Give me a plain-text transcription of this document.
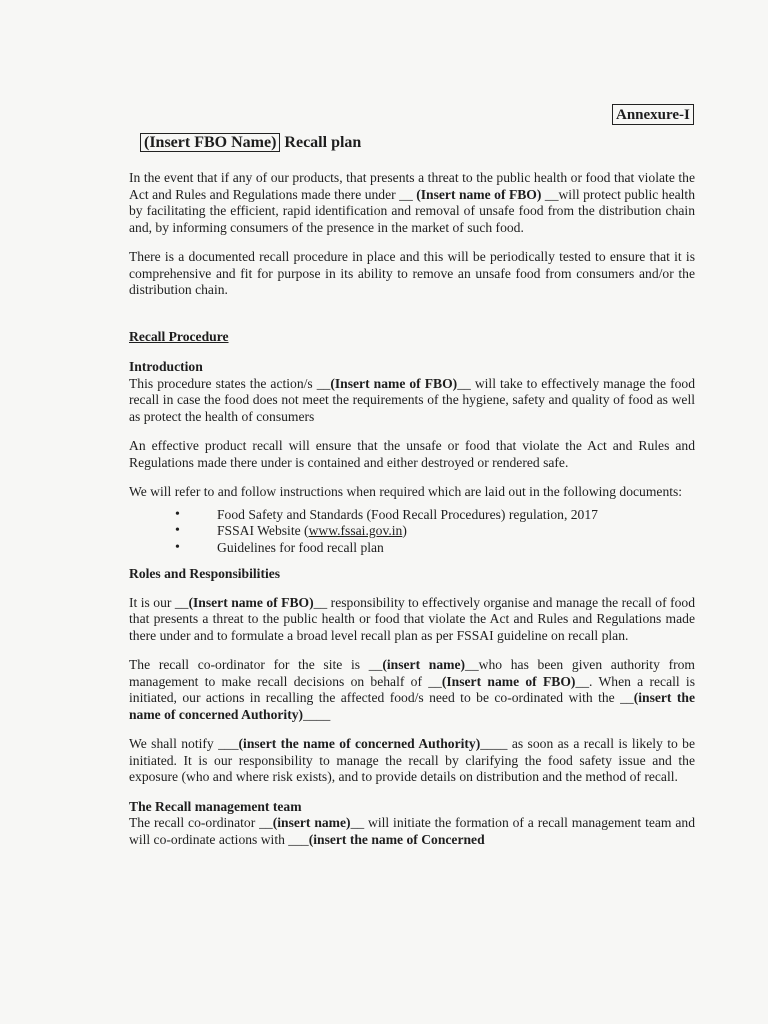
Annexure-I
(Insert FBO Name) Recall plan

In the event that if any of our products, that presents a threat to the public health or food that violate the Act and Rules and Regulations made there under __ (Insert name of FBO) __will protect public health by facilitating the efficient, rapid identification and removal of unsafe food from the distribution chain and, by informing consumers of the presence in the market of such food.

There is a documented recall procedure in place and this will be periodically tested to ensure that it is comprehensive and fit for purpose in its ability to remove an unsafe food from consumers and/or the distribution chain.

Recall Procedure
Introduction

This procedure states the action/s __(Insert name of FBO)__ will take to effectively manage the food recall in case the food does not meet the requirements of the hygiene, safety and quality of food as well as protect the health of consumers

An effective product recall will ensure that the unsafe or food that violate the Act and Rules and Regulations made there under is contained and either destroyed or rendered safe.

We will refer to and follow instructions when required which are laid out in the following documents:

• Food Safety and Standards (Food Recall Procedures) regulation, 2017
• FSSAI Website (www.fssai.gov.in)
• Guidelines for food recall plan
Roles and Responsibilities

It is our __(Insert name of FBO)__ responsibility to effectively organise and manage the recall of food that presents a threat to the public health or food that violate the Act and Rules and Regulations made there under and to formulate a broad level recall plan as per FSSAI guideline on recall plan.

The recall co-ordinator for the site is __(insert name)__who has been given authority from management to make recall decisions on behalf of __(Insert name of FBO)__. When a recall is initiated, our actions in recalling the affected food/s need to be co-ordinated with the __(insert the name of concerned Authority)____

We shall notify ___(insert the name of concerned Authority)____ as soon as a recall is likely to be initiated. It is our responsibility to manage the recall by clarifying the food safety issue and the exposure (who and where risk exists), and to provide details on distribution and the method of recall.

The Recall management team

The recall co-ordinator __(insert name)__ will initiate the formation of a recall management team and will co-ordinate actions with ___(insert the name of Concerned
